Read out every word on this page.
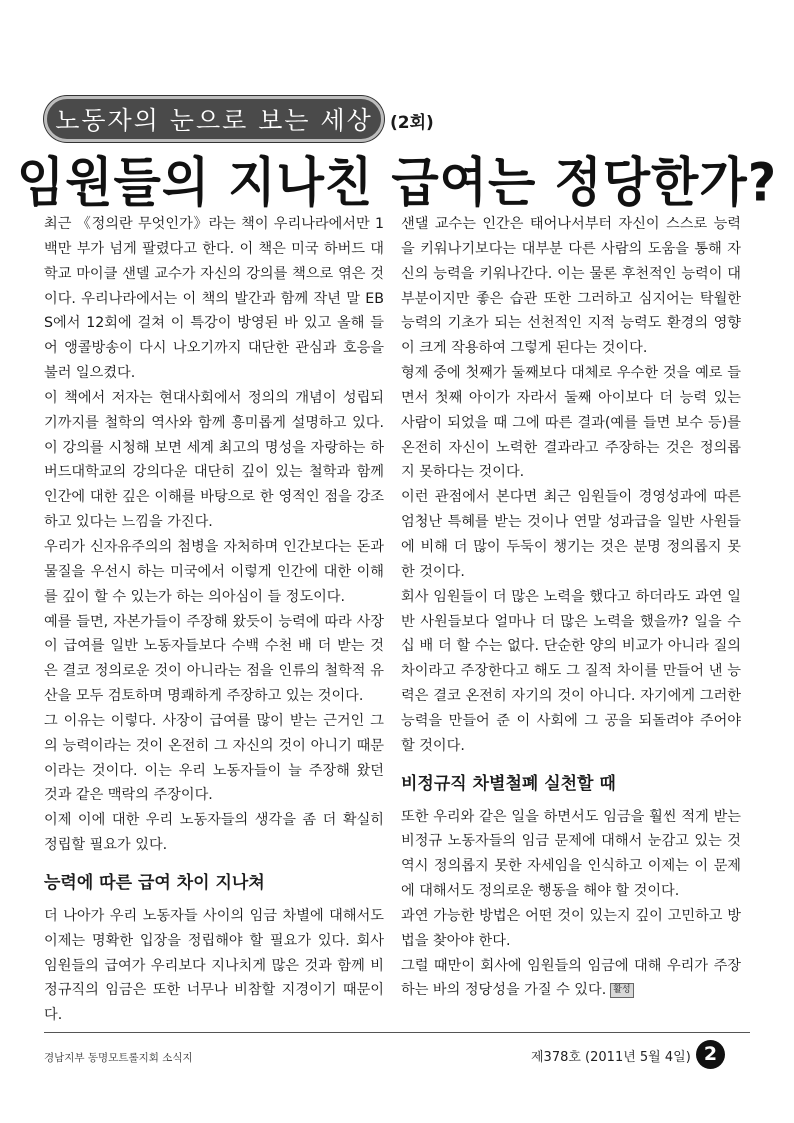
노동자의 눈으로 보는 세상 (2회)
임원들의 지나친 급여는 정당한가?

최근 《정의란 무엇인가》라는 책이 우리나라에서만 1백만 부가 넘게 팔렸다고 한다. 이 책은 미국 하버드 대학교 마이클 샌델 교수가 자신의 강의를 책으로 엮은 것이다. 우리나라에서는 이 책의 발간과 함께 작년 말 EBS에서 12회에 걸쳐 이 특강이 방영된 바 있고 올해 들어 앵콜방송이 다시 나오기까지 대단한 관심과 호응을 불러 일으켰다.

이 책에서 저자는 현대사회에서 정의의 개념이 성립되기까지를 철학의 역사와 함께 흥미롭게 설명하고 있다. 이 강의를 시청해 보면 세계 최고의 명성을 자랑하는 하버드대학교의 강의다운 대단히 깊이 있는 철학과 함께 인간에 대한 깊은 이해를 바탕으로 한 영적인 점을 강조하고 있다는 느낌을 가진다.

우리가 신자유주의의 첨병을 자처하며 인간보다는 돈과 물질을 우선시 하는 미국에서 이렇게 인간에 대한 이해를 깊이 할 수 있는가 하는 의아심이 들 정도이다.

예를 들면, 자본가들이 주장해 왔듯이 능력에 따라 사장이 급여를 일반 노동자들보다 수백 수천 배 더 받는 것은 결코 정의로운 것이 아니라는 점을 인류의 철학적 유산을 모두 검토하며 명쾌하게 주장하고 있는 것이다.

그 이유는 이렇다. 사장이 급여를 많이 받는 근거인 그의 능력이라는 것이 온전히 그 자신의 것이 아니기 때문이라는 것이다. 이는 우리 노동자들이 늘 주장해 왔던 것과 같은 맥락의 주장이다.

이제 이에 대한 우리 노동자들의 생각을 좀 더 확실히 정립할 필요가 있다.

능력에 따른 급여 차이 지나쳐

더 나아가 우리 노동자들 사이의 임금 차별에 대해서도 이제는 명확한 입장을 정립해야 할 필요가 있다. 회사 임원들의 급여가 우리보다 지나치게 많은 것과 함께 비정규직의 임금은 또한 너무나 비참할 지경이기 때문이다.

샌댈 교수는 인간은 태어나서부터 자신이 스스로 능력을 키워나기보다는 대부분 다른 사람의 도움을 통해 자신의 능력을 키워나간다. 이는 물론 후천적인 능력이 대부분이지만 좋은 습관 또한 그러하고 심지어는 탁월한 능력의 기초가 되는 선천적인 지적 능력도 환경의 영향이 크게 작용하여 그렇게 된다는 것이다.

형제 중에 첫째가 둘째보다 대체로 우수한 것을 예로 들면서 첫째 아이가 자라서 둘째 아이보다 더 능력 있는 사람이 되었을 때 그에 따른 결과(예를 들면 보수 등)를 온전히 자신이 노력한 결과라고 주장하는 것은 정의롭지 못하다는 것이다.

이런 관점에서 본다면 최근 임원들이 경영성과에 따른 엄청난 특혜를 받는 것이나 연말 성과급을 일반 사원들에 비해 더 많이 두둑이 챙기는 것은 분명 정의롭지 못한 것이다.

회사 임원들이 더 많은 노력을 했다고 하더라도 과연 일반 사원들보다 얼마나 더 많은 노력을 했을까? 일을 수십 배 더 할 수는 없다. 단순한 양의 비교가 아니라 질의 차이라고 주장한다고 해도 그 질적 차이를 만들어 낸 능력은 결코 온전히 자기의 것이 아니다. 자기에게 그러한 능력을 만들어 준 이 사회에 그 공을 되돌려야 주어야 할 것이다.

비정규직 차별철폐 실천할 때

또한 우리와 같은 일을 하면서도 임금을 훨씬 적게 받는 비정규 노동자들의 임금 문제에 대해서 눈감고 있는 것 역시 정의롭지 못한 자세임을 인식하고 이제는 이 문제에 대해서도 정의로운 행동을 해야 할 것이다.

과연 가능한 방법은 어떤 것이 있는지 깊이 고민하고 방법을 찾아야 한다.

그럴 때만이 회사에 임원들의 임금에 대해 우리가 주장하는 바의 정당성을 가질 수 있다. 활성

경남지부 동명모트롤지회 소식지	제378호 (2011년 5월 4일) 2
